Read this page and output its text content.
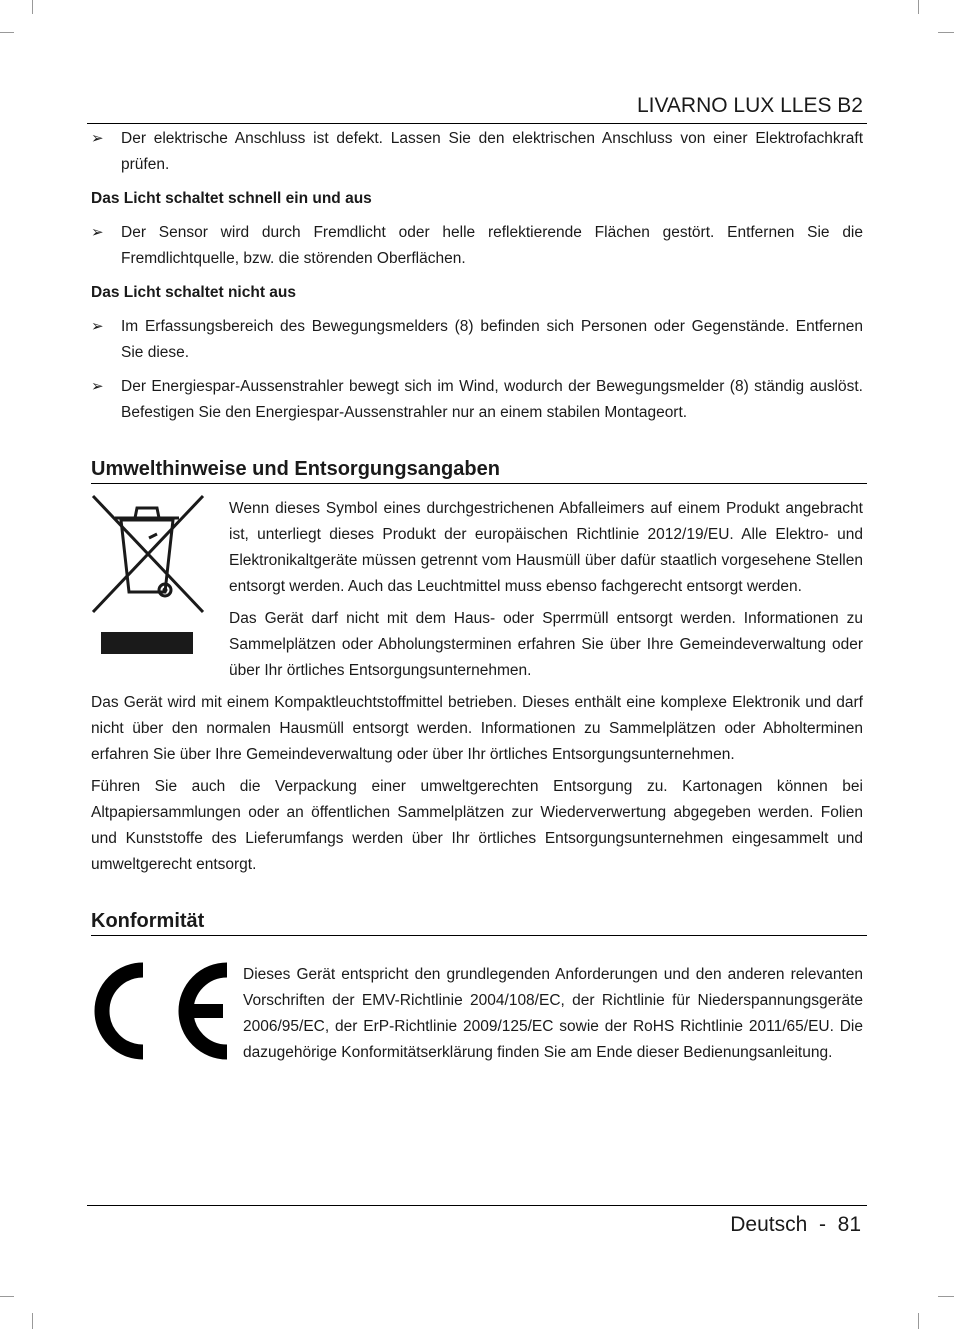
LIVARNO LUX LLES B2
➢	Der elektrische Anschluss ist defekt. Lassen Sie den elektrischen Anschluss von einer Elektrofachkraft prüfen.
Das Licht schaltet schnell ein und aus
➢	Der Sensor wird durch Fremdlicht oder helle reflektierende Flächen gestört. Entfernen Sie die Fremdlichtquelle, bzw. die störenden Oberflächen.
Das Licht schaltet nicht aus
➢	Im Erfassungsbereich des Bewegungsmelders (8) befinden sich Personen oder Gegenstände. Entfernen Sie diese.
➢	Der Energiespar-Aussenstrahler bewegt sich im Wind, wodurch der Bewegungsmelder (8) ständig auslöst. Befestigen Sie den Energiespar-Aussenstrahler nur an einem stabilen Montageort.
Umwelthinweise und Entsorgungsangaben

Wenn dieses Symbol eines durchgestrichenen Abfalleimers auf einem Produkt angebracht ist, unterliegt dieses Produkt der europäischen Richtlinie 2012/19/EU. Alle Elektro- und Elektronikaltgeräte müssen getrennt vom Hausmüll über dafür staatlich vorgesehene Stellen entsorgt werden. Auch das Leuchtmittel muss ebenso fachgerecht entsorgt werden.

Das Gerät darf nicht mit dem Haus- oder Sperrmüll entsorgt werden. Informationen zu Sammelplätzen oder Abholungsterminen erfahren Sie über Ihre Gemeindeverwaltung oder über Ihr örtliches Entsorgungsunternehmen.

Das Gerät wird mit einem Kompaktleuchtstoffmittel betrieben. Dieses enthält eine komplexe Elektronik und darf nicht über den normalen Hausmüll entsorgt werden. Informationen zu Sammelplätzen oder Abholterminen erfahren Sie über Ihre Gemeindeverwaltung oder über Ihr örtliches Entsorgungsunternehmen.

Führen Sie auch die Verpackung einer umweltgerechten Entsorgung zu. Kartonagen können bei Altpapiersammlungen oder an öffentlichen Sammelplätzen zur Wiederverwertung abgegeben werden. Folien und Kunststoffe des Lieferumfangs werden über Ihr örtliches Entsorgungsunternehmen eingesammelt und umweltgerecht entsorgt.

Konformität

Dieses Gerät entspricht den grundlegenden Anforderungen und den anderen relevanten Vorschriften der EMV-Richtlinie 2004/108/EC, der Richtlinie für Niederspannungsgeräte 2006/95/EC, der ErP-Richtlinie 2009/125/EC sowie der RoHS Richtlinie 2011/65/EU. Die dazugehörige Konformitätserklärung finden Sie am Ende dieser Bedienungsanleitung.

Deutsch - 81
